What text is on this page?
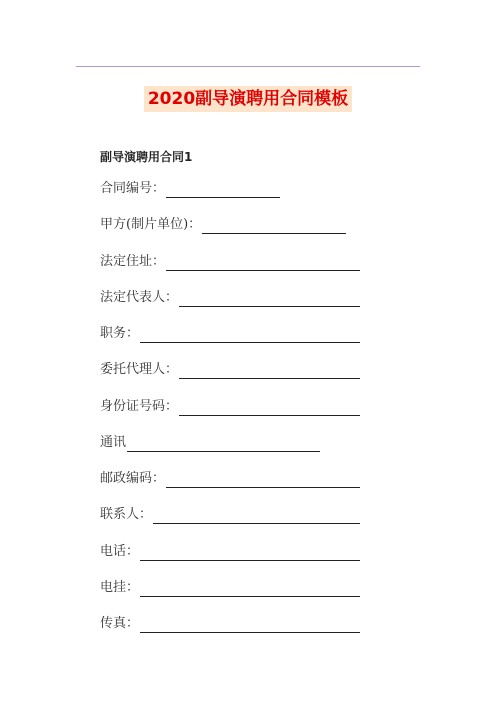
2020副导演聘用合同模板
副导演聘用合同1
合同编号：
甲方(制片单位)：
法定住址：
法定代表人：
职务：
委托代理人：
身份证号码：
通讯
邮政编码：
联系人：
电话：
电挂：
传真：
